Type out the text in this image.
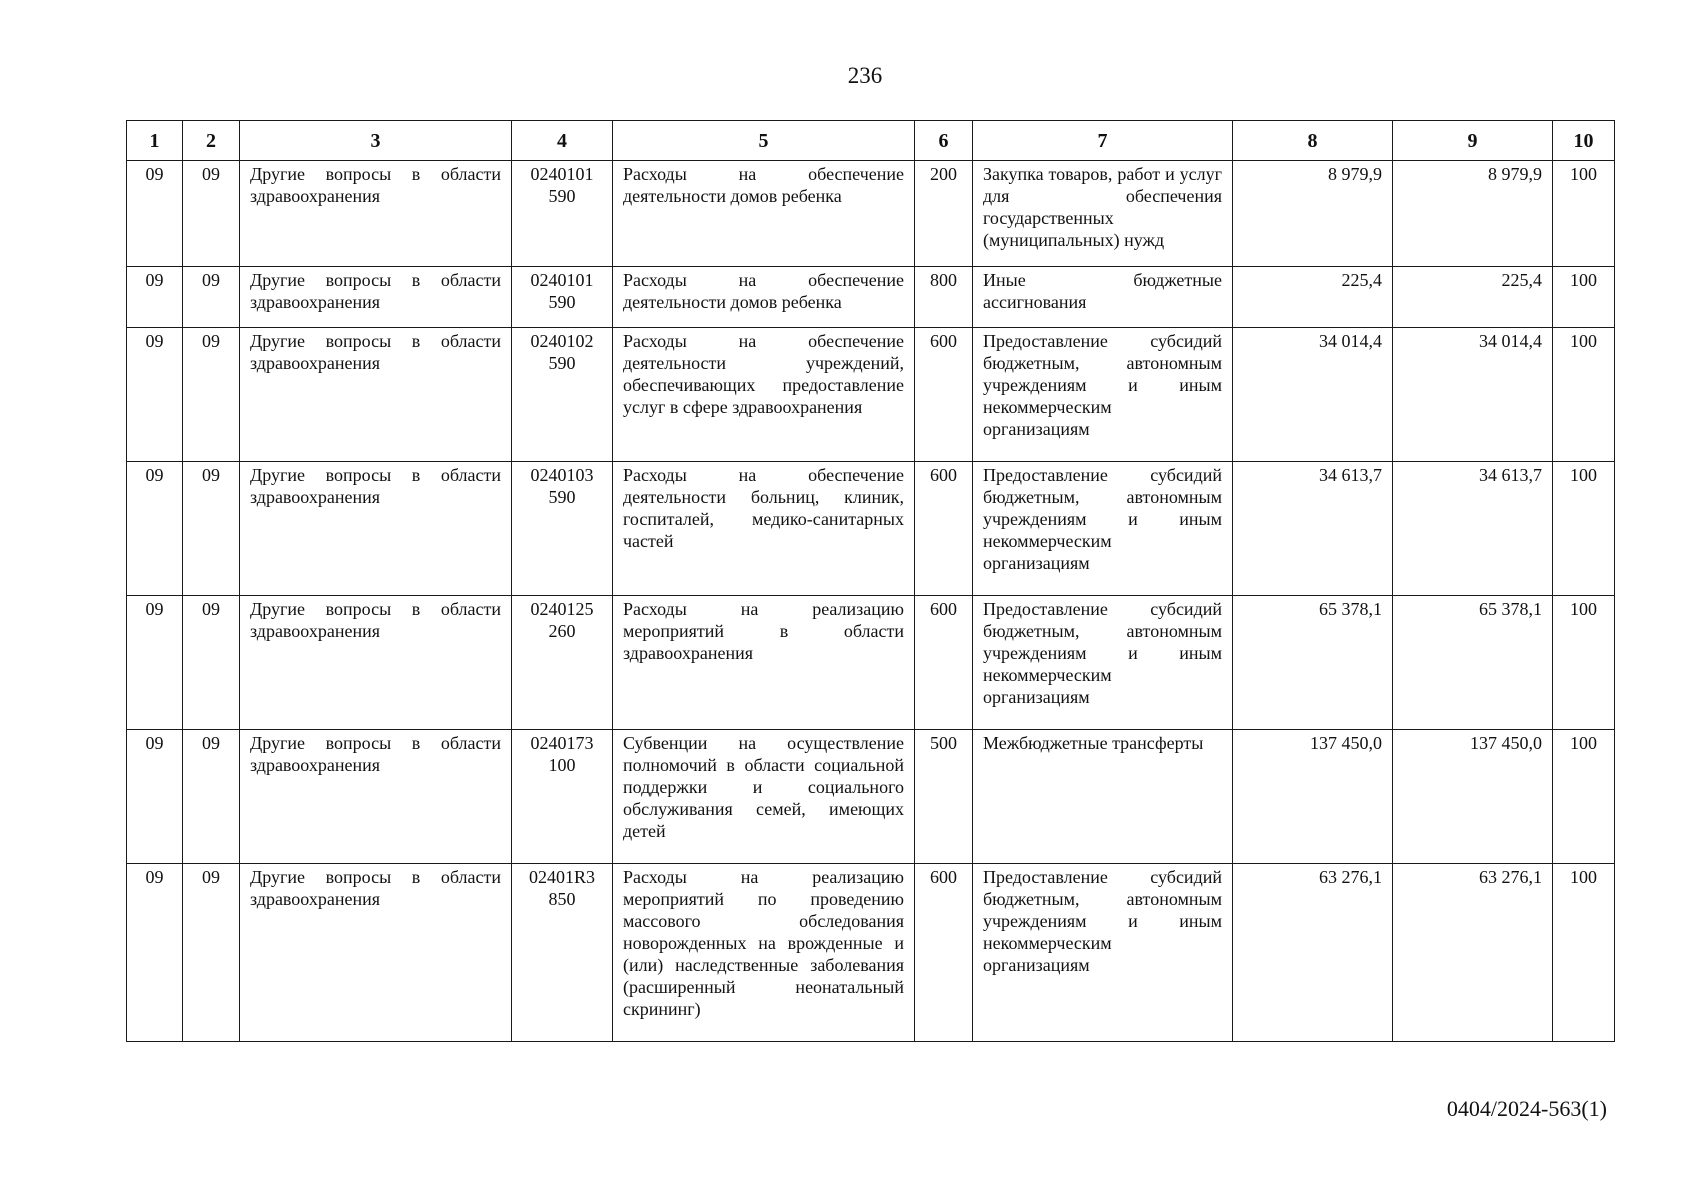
236
1	2	3	4	5	6	7	8	9	10
09	09	Другие вопросы в области здравоохранения	0240101 590	Расходы на обеспечение деятельности домов ребенка	200	Закупка товаров, работ и услуг для обеспечения государственных (муниципальных) нужд	8 979,9	8 979,9	100
09	09	Другие вопросы в области здравоохранения	0240101 590	Расходы на обеспечение деятельности домов ребенка	800	Иные бюджетные ассигнования	225,4	225,4	100
09	09	Другие вопросы в области здравоохранения	0240102 590	Расходы на обеспечение деятельности учреждений, обеспечивающих предоставление услуг в сфере здравоохранения	600	Предоставление субсидий бюджетным, автономным учреждениям и иным некоммерческим организациям	34 014,4	34 014,4	100
09	09	Другие вопросы в области здравоохранения	0240103 590	Расходы на обеспечение деятельности больниц, клиник, госпиталей, медико-санитарных частей	600	Предоставление субсидий бюджетным, автономным учреждениям и иным некоммерческим организациям	34 613,7	34 613,7	100
09	09	Другие вопросы в области здравоохранения	0240125 260	Расходы на реализацию мероприятий в области здравоохранения	600	Предоставление субсидий бюджетным, автономным учреждениям и иным некоммерческим организациям	65 378,1	65 378,1	100
09	09	Другие вопросы в области здравоохранения	0240173 100	Субвенции на осуществление полномочий в области социальной поддержки и социального обслуживания семей, имеющих детей	500	Межбюджетные трансферты	137 450,0	137 450,0	100
09	09	Другие вопросы в области здравоохранения	02401R3 850	Расходы на реализацию мероприятий по проведению массового обследования новорожденных на врожденные и (или) наследственные заболевания (расширенный неонатальный скрининг)	600	Предоставление субсидий бюджетным, автономным учреждениям и иным некоммерческим организациям	63 276,1	63 276,1	100
0404/2024-563(1)
